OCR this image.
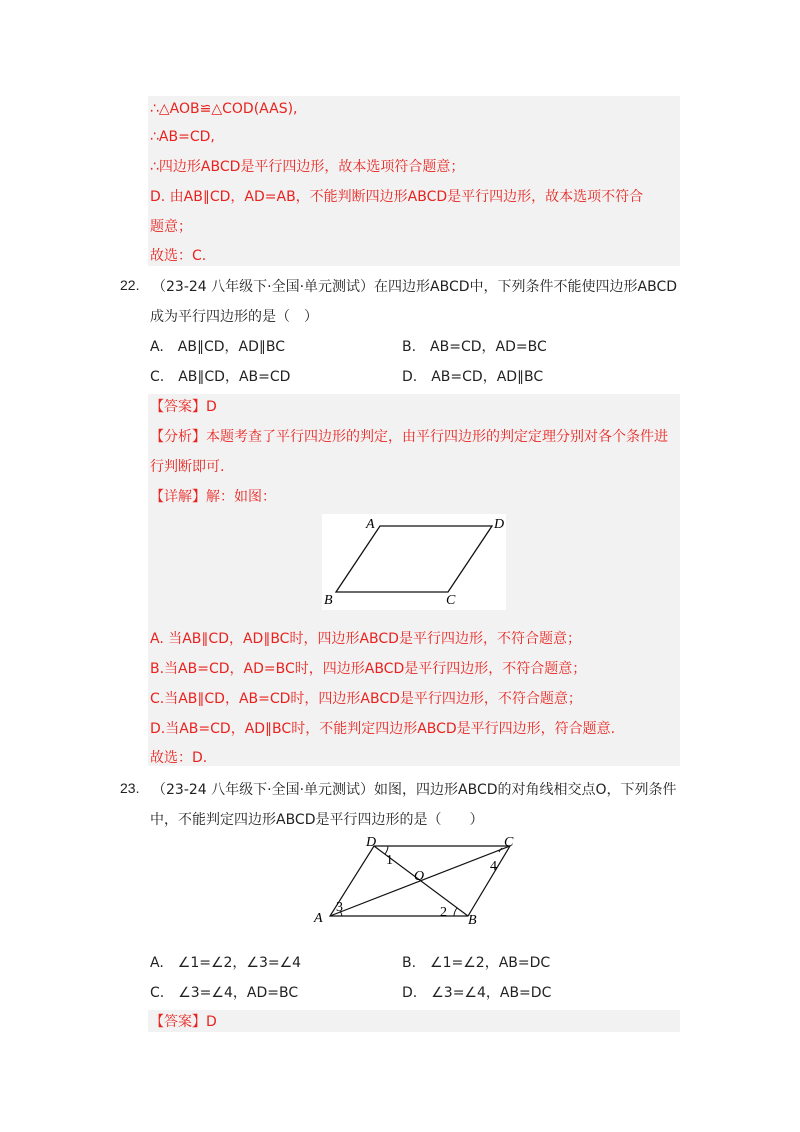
∴△AOB≌△COD(AAS),
∴AB=CD,
∴四边形ABCD是平行四边形，故本选项符合题意；
D. 由AB∥CD，AD=AB，不能判断四边形ABCD是平行四边形，故本选项不符合
题意；
故选：C.
22. （23-24 八年级下·全国·单元测试）在四边形ABCD中，下列条件不能使四边形ABCD
成为平行四边形的是（　）
A.　AB∥CD，AD∥BC	B.　AB=CD，AD=BC
C.　AB∥CD，AB=CD	D.　AB=CD，AD∥BC
【答案】D
【分析】本题考查了平行四边形的判定，由平行四边形的判定定理分别对各个条件进
行判断即可.
【详解】解：如图：
A	D
B	C
A. 当AB∥CD，AD∥BC时，四边形ABCD是平行四边形，不符合题意；
B.当AB=CD，AD=BC时，四边形ABCD是平行四边形，不符合题意；
C.当AB∥CD，AB=CD时，四边形ABCD是平行四边形，不符合题意；
D.当AB=CD，AD∥BC时，不能判定四边形ABCD是平行四边形，符合题意.
故选：D.
23. （23-24 八年级下·全国·单元测试）如图，四边形ABCD的对角线相交点O，下列条件
中，不能判定四边形ABCD是平行四边形的是（　　）
D	C
O
A	B
1
2
3
4
A.　∠1=∠2，∠3=∠4	B.　∠1=∠2，AB=DC
C.　∠3=∠4，AD=BC	D.　∠3=∠4，AB=DC
【答案】D
